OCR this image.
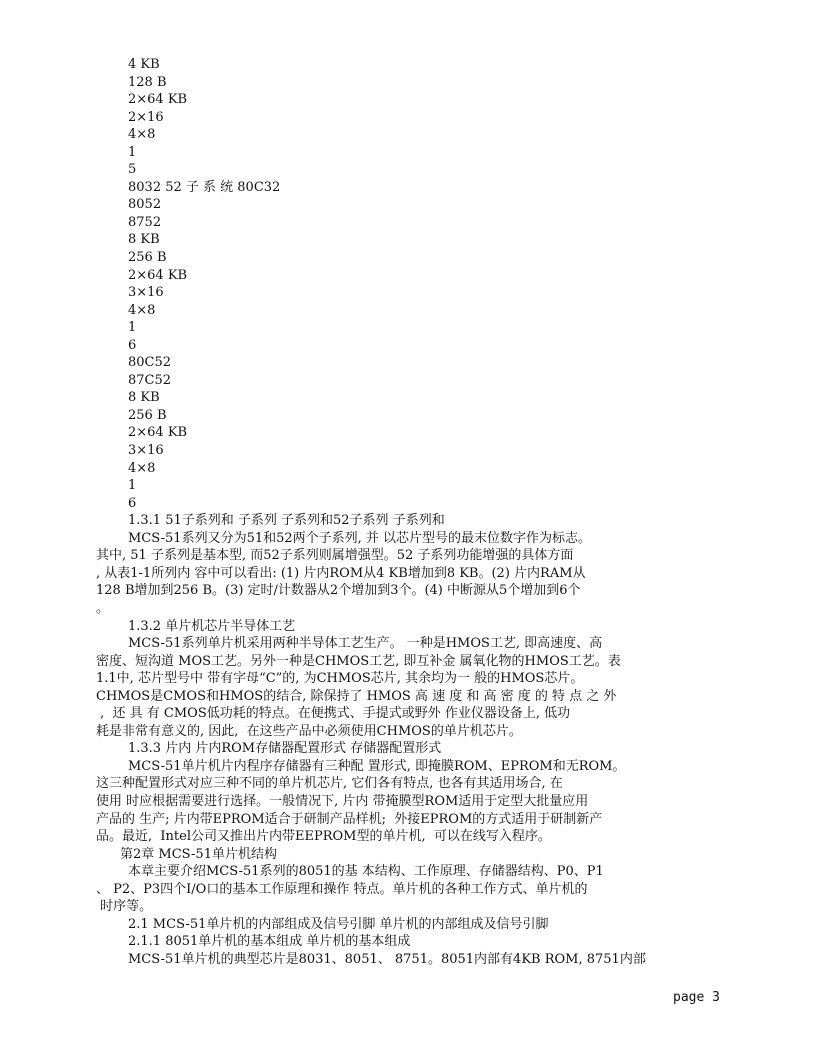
4 KB
128 B
2×64 KB
2×16
4×8
1
5
8032 52 子 系 统 80C32
8052
8752
8 KB
256 B
2×64 KB
3×16
4×8
1
6
80C52
87C52
8 KB
256 B
2×64 KB
3×16
4×8
1
6
1.3.1 51子系列和 子系列 子系列和52子系列 子系列和
MCS-51系列又分为51和52两个子系列, 并 以芯片型号的最末位数字作为标志。
其中, 51 子系列是基本型, 而52子系列则属增强型。52 子系列功能增强的具体方面
, 从表1-1所列内 容中可以看出: (1) 片内ROM从4 KB增加到8 KB。(2) 片内RAM从
128 B增加到256 B。(3) 定时/计数器从2个增加到3个。(4) 中断源从5个增加到6个
。
1.3.2 单片机芯片半导体工艺
MCS-51系列单片机采用两种半导体工艺生产。 一种是HMOS工艺, 即高速度、高
密度、短沟道 MOS工艺。另外一种是CHMOS工艺, 即互补金 属氧化物的HMOS工艺。表
1.1中, 芯片型号中 带有字母“C”的, 为CHMOS芯片, 其余均为一 般的HMOS芯片。
CHMOS是CMOS和HMOS的结合, 除保持了 HMOS 高 速 度 和 高 密 度 的 特 点 之 外
,  还 具 有 CMOS低功耗的特点。在便携式、手提式或野外 作业仪器设备上, 低功
耗是非常有意义的, 因此,  在这些产品中必须使用CHMOS的单片机芯片。
1.3.3 片内 片内ROM存储器配置形式 存储器配置形式
MCS-51单片机片内程序存储器有三种配 置形式, 即掩膜ROM、EPROM和无ROM。
这三种配置形式对应三种不同的单片机芯片, 它们各有特点, 也各有其适用场合, 在
使用 时应根据需要进行选择。一般情况下, 片内 带掩膜型ROM适用于定型大批量应用
产品的 生产; 片内带EPROM适合于研制产品样机;  外接EPROM的方式适用于研制新产
品。最近,  Intel公司又推出片内带EEPROM型的单片机,  可以在线写入程序。
第2章 MCS-51单片机结构
本章主要介绍MCS-51系列的8051的基 本结构、工作原理、存储器结构、P0、P1
、 P2、P3四个I/O口的基本工作原理和操作 特点。单片机的各种工作方式、单片机的
时序等。
2.1 MCS-51单片机的内部组成及信号引脚 单片机的内部组成及信号引脚
2.1.1 8051单片机的基本组成 单片机的基本组成
MCS-51单片机的典型芯片是8031、8051、 8751。8051内部有4KB ROM, 8751内部
page 3
